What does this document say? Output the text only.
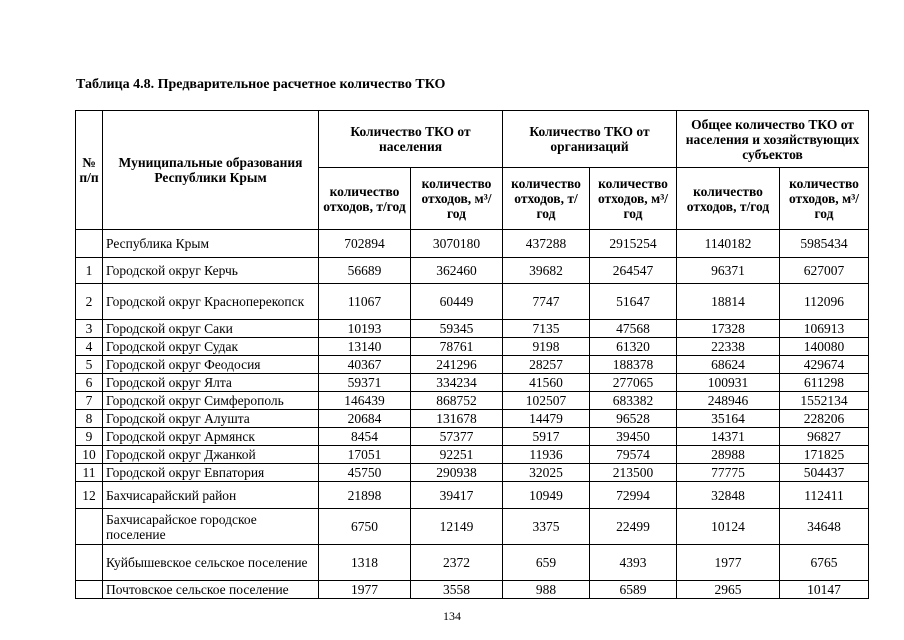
Таблица 4.8. Предварительное расчетное количество ТКО
№ п/п	Муниципальные образования Республики Крым	Количество ТКО от населения		Количество ТКО от организаций		Общее количество ТКО от населения и хозяйствующих субъектов	
		количество отходов, т/год	количество отходов, м³/год	количество отходов, т/год	количество отходов, м³/год	количество отходов, т/год	количество отходов, м³/год
	Республика Крым	702894	3070180	437288	2915254	1140182	5985434
1	Городской округ Керчь	56689	362460	39682	264547	96371	627007
2	Городской округ Красноперекопск	11067	60449	7747	51647	18814	112096
3	Городской округ Саки	10193	59345	7135	47568	17328	106913
4	Городской округ Судак	13140	78761	9198	61320	22338	140080
5	Городской округ Феодосия	40367	241296	28257	188378	68624	429674
6	Городской округ Ялта	59371	334234	41560	277065	100931	611298
7	Городской округ Симферополь	146439	868752	102507	683382	248946	1552134
8	Городской округ Алушта	20684	131678	14479	96528	35164	228206
9	Городской округ Армянск	8454	57377	5917	39450	14371	96827
10	Городской округ Джанкой	17051	92251	11936	79574	28988	171825
11	Городской округ Евпатория	45750	290938	32025	213500	77775	504437
12	Бахчисарайский район	21898	39417	10949	72994	32848	112411
	Бахчисарайское городское поселение	6750	12149	3375	22499	10124	34648
	Куйбышевское сельское поселение	1318	2372	659	4393	1977	6765
	Почтовское сельское поселение	1977	3558	988	6589	2965	10147
134
